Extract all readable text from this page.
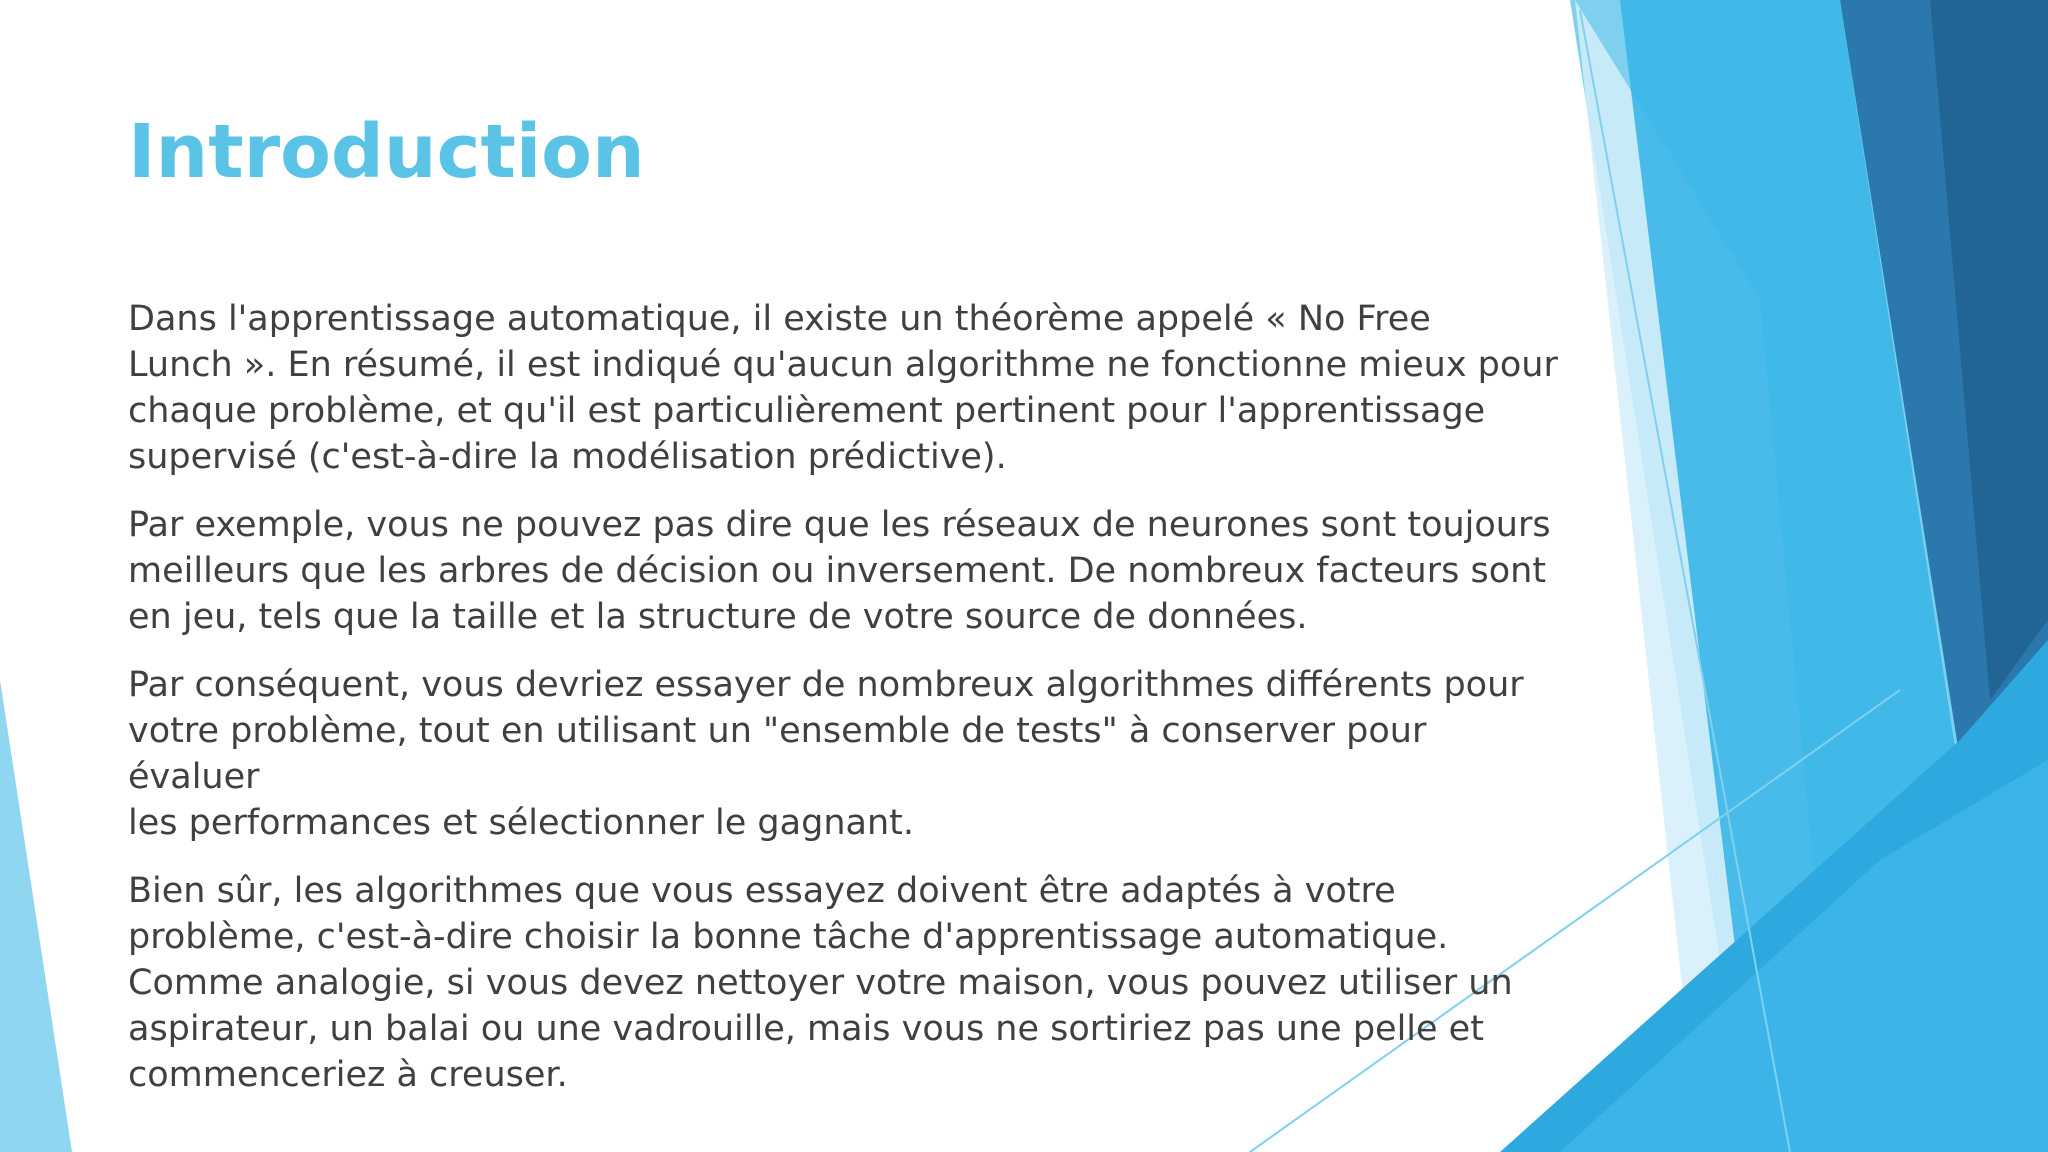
Introduction

Dans l'apprentissage automatique, il existe un théorème appelé « No Free
Lunch ». En résumé, il est indiqué qu'aucun algorithme ne fonctionne mieux pour
chaque problème, et qu'il est particulièrement pertinent pour l'apprentissage
supervisé (c'est-à-dire la modélisation prédictive).

Par exemple, vous ne pouvez pas dire que les réseaux de neurones sont toujours
meilleurs que les arbres de décision ou inversement. De nombreux facteurs sont
en jeu, tels que la taille et la structure de votre source de données.

Par conséquent, vous devriez essayer de nombreux algorithmes différents pour
votre problème, tout en utilisant un "ensemble de tests" à conserver pour évaluer
les performances et sélectionner le gagnant.

Bien sûr, les algorithmes que vous essayez doivent être adaptés à votre
problème, c'est-à-dire choisir la bonne tâche d'apprentissage automatique.
Comme analogie, si vous devez nettoyer votre maison, vous pouvez utiliser un
aspirateur, un balai ou une vadrouille, mais vous ne sortiriez pas une pelle et
commenceriez à creuser.
